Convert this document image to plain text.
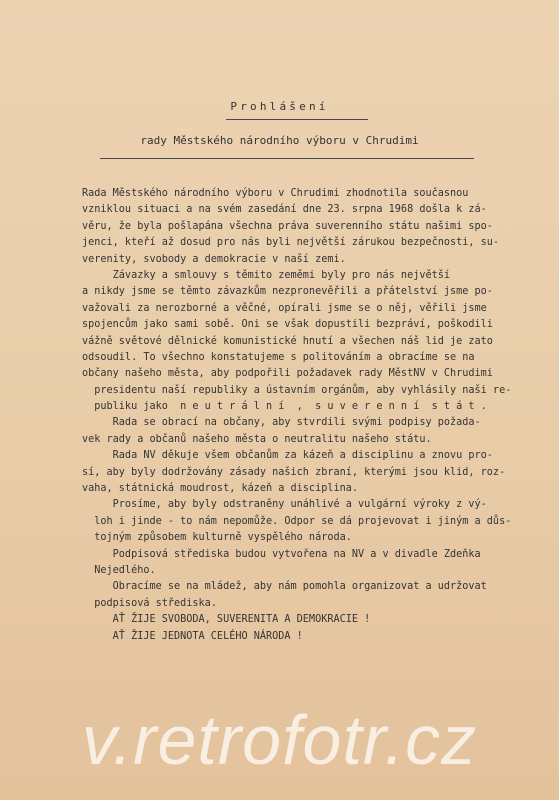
Prohlášení
rady Městského národního výboru v Chrudimi
Rada Městského národního výboru v Chrudimi zhodnotila současnou
vzniklou situaci a na svém zasedání dne 23. srpna 1968 došla k zá-
věru, že byla pošlapána všechna práva suverenního státu našimi spo-
jenci, kteří až dosud pro nás byli největší zárukou bezpečnosti, su-
verenity, svobody a demokracie v naší zemi.
Závazky a smlouvy s těmito zeměmi byly pro nás největší
a nikdy jsme se těmto závazkům nezpronevěřili a přátelství jsme po-
važovali za nerozborné a věčné, opírali jsme se o něj, věřili jsme
spojencům jako sami sobě. Oni se však dopustili bezpráví, poškodili
vážně světové dělnické komunistické hnutí a všechen náš lid je zato
odsoudil. To všechno konstatujeme s politováním a obracíme se na
občany našeho města, aby podpořili požadavek rady MěstNV v Chrudimi
presidentu naší republiky a ústavním orgánům, aby vyhlásily naši re-
publiku jako  n e u t r á l n í  ,  s u v e r e n n í  s t á t .
Rada se obrací na občany, aby stvrdili svými podpisy požada-
vek rady a občanů našeho města o neutralitu našeho státu.
Rada NV děkuje všem občanům za kázeň a disciplinu a znovu pro-
sí, aby byly dodržovány zásady našich zbraní, kterými jsou klid, roz-
vaha, státnická moudrost, kázeň a disciplina.
Prosíme, aby byly odstraněny unáhlivé a vulgární výroky z vý-
loh i jinde - to nám nepomůže. Odpor se dá projevovat i jiným a důs-
tojným způsobem kulturně vyspělého národa.
Podpisová střediska budou vytvořena na NV a v divadle Zdeňka
Nejedlého.
Obracíme se na mládež, aby nám pomohla organizovat a udržovat
podpisová střediska.
AŤ ŽIJE SVOBODA, SUVERENITA A DEMOKRACIE !
AŤ ŽIJE JEDNOTA CELÉHO NÁRODA !
v.retrofotr.cz
